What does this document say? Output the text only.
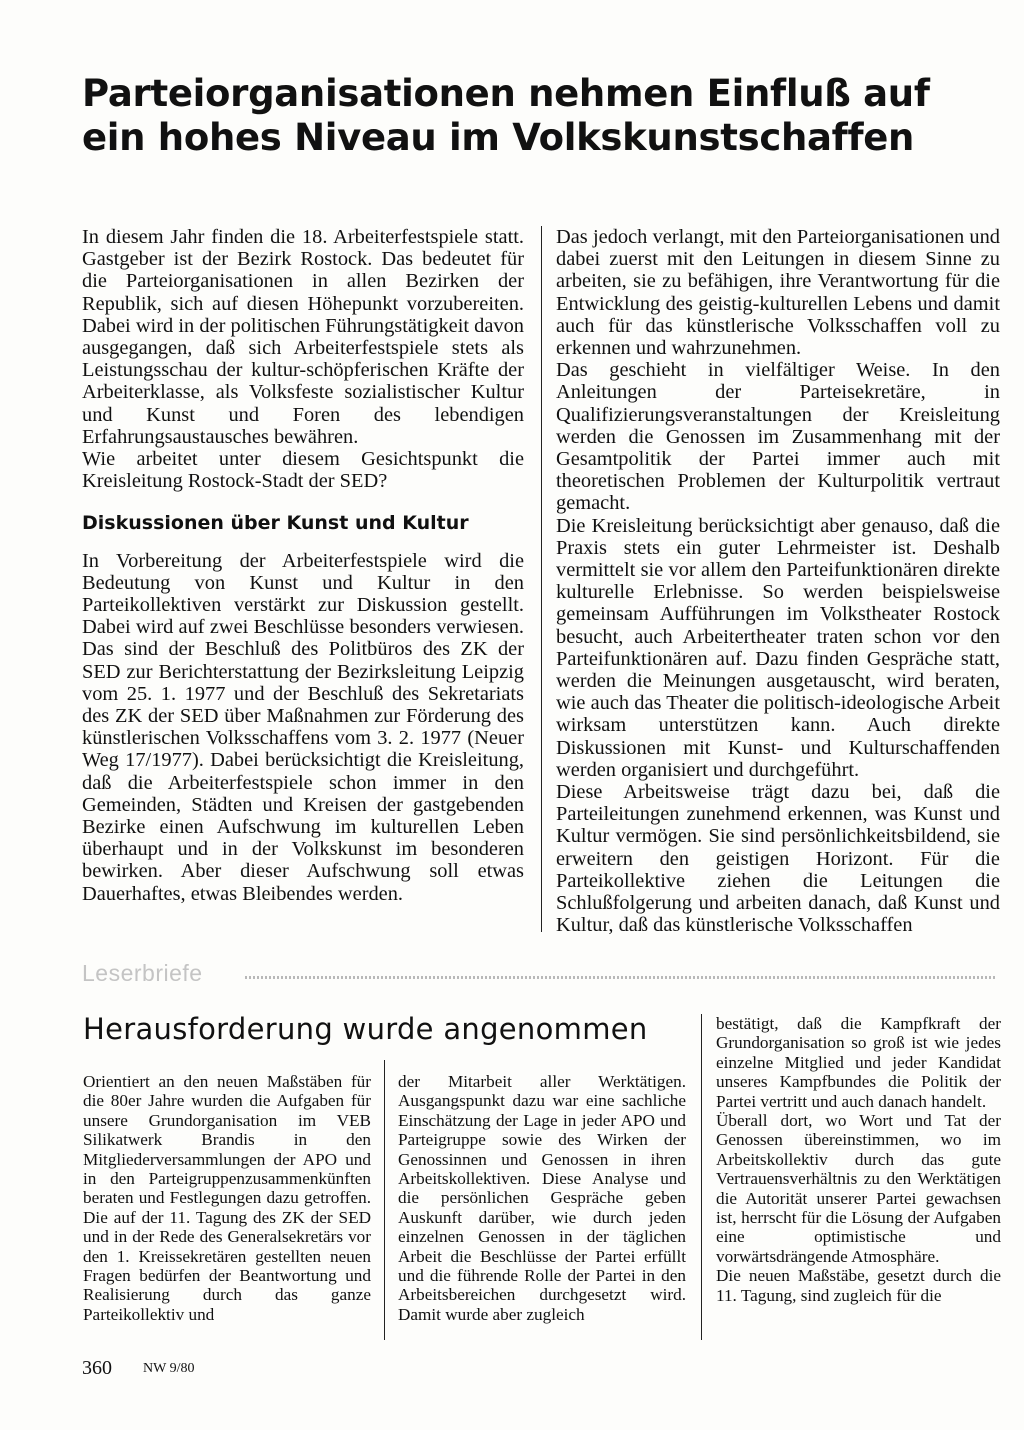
Parteiorganisationen nehmen Einfluß auf
ein hohes Niveau im Volkskunstschaffen

In diesem Jahr finden die 18. Arbeiterfestspiele statt. Gastgeber ist der Bezirk Rostock. Das bedeutet für die Parteiorganisationen in allen Bezirken der Republik, sich auf diesen Höhepunkt vorzubereiten. Dabei wird in der politischen Führungstätigkeit davon ausgegangen, daß sich Arbeiterfestspiele stets als Leistungsschau der kultur-schöpferischen Kräfte der Arbeiterklasse, als Volksfeste sozialistischer Kultur und Kunst und Foren des lebendigen Erfahrungsaustausches bewähren.

Wie arbeitet unter diesem Gesichtspunkt die Kreisleitung Rostock-Stadt der SED?

Diskussionen über Kunst und Kultur

In Vorbereitung der Arbeiterfestspiele wird die Bedeutung von Kunst und Kultur in den Parteikollektiven verstärkt zur Diskussion gestellt. Dabei wird auf zwei Beschlüsse besonders verwiesen. Das sind der Beschluß des Politbüros des ZK der SED zur Berichterstattung der Bezirksleitung Leipzig vom 25. 1. 1977 und der Beschluß des Sekretariats des ZK der SED über Maßnahmen zur Förderung des künstlerischen Volksschaffens vom 3. 2. 1977 (Neuer Weg 17/1977). Dabei berücksichtigt die Kreisleitung, daß die Arbeiterfestspiele schon immer in den Gemeinden, Städten und Kreisen der gastgebenden Bezirke einen Aufschwung im kulturellen Leben überhaupt und in der Volkskunst im besonderen bewirken. Aber dieser Aufschwung soll etwas Dauerhaftes, etwas Bleibendes werden.

Das jedoch verlangt, mit den Parteiorganisationen und dabei zuerst mit den Leitungen in diesem Sinne zu arbeiten, sie zu befähigen, ihre Verantwortung für die Entwicklung des geistig-kulturellen Lebens und damit auch für das künstlerische Volksschaffen voll zu erkennen und wahrzunehmen.

Das geschieht in vielfältiger Weise. In den Anleitungen der Parteisekretäre, in Qualifizierungsveranstaltungen der Kreisleitung werden die Genossen im Zusammenhang mit der Gesamtpolitik der Partei immer auch mit theoretischen Problemen der Kulturpolitik vertraut gemacht.

Die Kreisleitung berücksichtigt aber genauso, daß die Praxis stets ein guter Lehrmeister ist. Deshalb vermittelt sie vor allem den Parteifunktionären direkte kulturelle Erlebnisse. So werden beispielsweise gemeinsam Aufführungen im Volkstheater Rostock besucht, auch Arbeitertheater traten schon vor den Parteifunktionären auf. Dazu finden Gespräche statt, werden die Meinungen ausgetauscht, wird beraten, wie auch das Theater die politisch-ideologische Arbeit wirksam unterstützen kann. Auch direkte Diskussionen mit Kunst- und Kulturschaffenden werden organisiert und durchgeführt.

Diese Arbeitsweise trägt dazu bei, daß die Parteileitungen zunehmend erkennen, was Kunst und Kultur vermögen. Sie sind persönlichkeitsbildend, sie erweitern den geistigen Horizont. Für die Parteikollektive ziehen die Leitungen die Schlußfolgerung und arbeiten danach, daß Kunst und Kultur, daß das künstlerische Volksschaffen

Leserbriefe
Herausforderung wurde angenommen

Orientiert an den neuen Maßstäben für die 80er Jahre wurden die Aufgaben für unsere Grundorganisation im VEB Silikatwerk Brandis in den Mitgliederversammlungen der APO und in den Parteigruppenzusammenkünften beraten und Festlegungen dazu getroffen. Die auf der 11. Tagung des ZK der SED und in der Rede des Generalsekretärs vor den 1. Kreissekretären gestellten neuen Fragen bedürfen der Beantwortung und Realisierung durch das ganze Parteikollektiv und

der Mitarbeit aller Werktätigen. Ausgangspunkt dazu war eine sachliche Einschätzung der Lage in jeder APO und Parteigruppe sowie des Wirken der Genossinnen und Genossen in ihren Arbeitskollektiven. Diese Analyse und die persönlichen Gespräche geben Auskunft darüber, wie durch jeden einzelnen Genossen in der täglichen Arbeit die Beschlüsse der Partei erfüllt und die führende Rolle der Partei in den Arbeitsbereichen durchgesetzt wird. Damit wurde aber zugleich

bestätigt, daß die Kampfkraft der Grundorganisation so groß ist wie jedes einzelne Mitglied und jeder Kandidat unseres Kampfbundes die Politik der Partei vertritt und auch danach handelt.

Überall dort, wo Wort und Tat der Genossen übereinstimmen, wo im Arbeitskollektiv durch das gute Vertrauensverhältnis zu den Werktätigen die Autorität unserer Partei gewachsen ist, herrscht für die Lösung der Aufgaben eine optimistische und vorwärtsdrängende Atmosphäre.

Die neuen Maßstäbe, gesetzt durch die 11. Tagung, sind zugleich für die

360 NW 9/80
